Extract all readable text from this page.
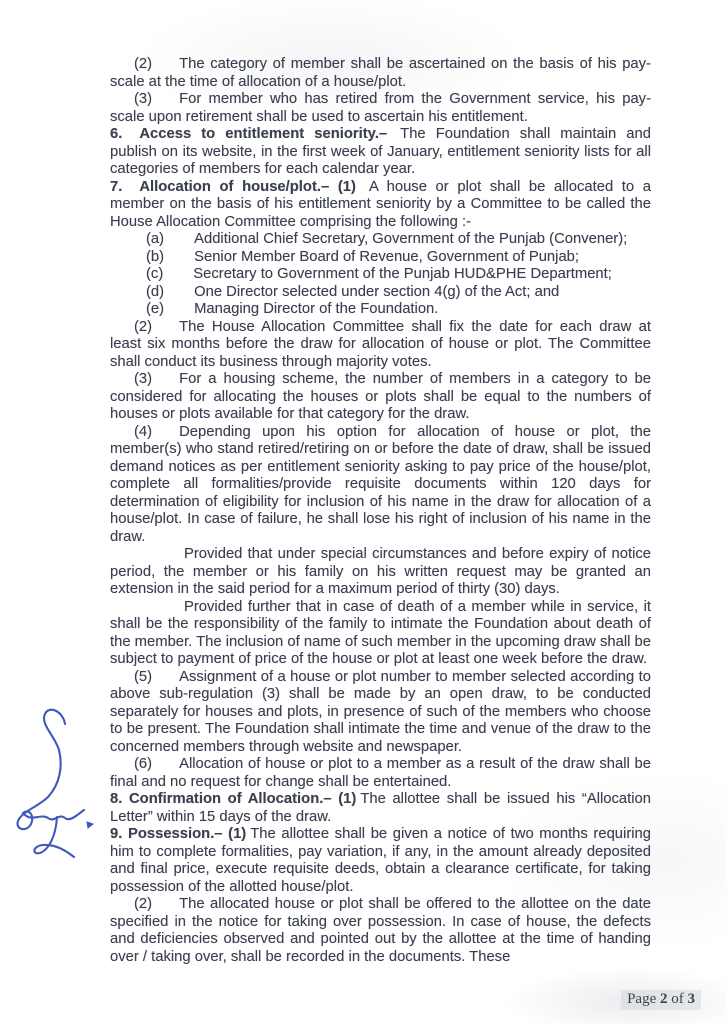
(2) The category of member shall be ascertained on the basis of his pay-scale at the time of allocation of a house/plot.

(3) For member who has retired from the Government service, his pay-scale upon retirement shall be used to ascertain his entitlement.

6. Access to entitlement seniority.– The Foundation shall maintain and publish on its website, in the first week of January, entitlement seniority lists for all categories of members for each calendar year.

7. Allocation of house/plot.– (1) A house or plot shall be allocated to a member on the basis of his entitlement seniority by a Committee to be called the House Allocation Committee comprising the following :-

(a) Additional Chief Secretary, Government of the Punjab (Convener);

(b) Senior Member Board of Revenue, Government of Punjab;

(c) Secretary to Government of the Punjab HUD&PHE Department;

(d) One Director selected under section 4(g) of the Act; and

(e) Managing Director of the Foundation.

(2) The House Allocation Committee shall fix the date for each draw at least six months before the draw for allocation of house or plot. The Committee shall conduct its business through majority votes.

(3) For a housing scheme, the number of members in a category to be considered for allocating the houses or plots shall be equal to the numbers of houses or plots available for that category for the draw.

(4) Depending upon his option for allocation of house or plot, the member(s) who stand retired/retiring on or before the date of draw, shall be issued demand notices as per entitlement seniority asking to pay price of the house/plot, complete all formalities/provide requisite documents within 120 days for determination of eligibility for inclusion of his name in the draw for allocation of a house/plot. In case of failure, he shall lose his right of inclusion of his name in the draw.

Provided that under special circumstances and before expiry of notice period, the member or his family on his written request may be granted an extension in the said period for a maximum period of thirty (30) days.

Provided further that in case of death of a member while in service, it shall be the responsibility of the family to intimate the Foundation about death of the member. The inclusion of name of such member in the upcoming draw shall be subject to payment of price of the house or plot at least one week before the draw.

(5) Assignment of a house or plot number to member selected according to above sub-regulation (3) shall be made by an open draw, to be conducted separately for houses and plots, in presence of such of the members who choose to be present. The Foundation shall intimate the time and venue of the draw to the concerned members through website and newspaper.

(6) Allocation of house or plot to a member as a result of the draw shall be final and no request for change shall be entertained.

8. Confirmation of Allocation.– (1) The allottee shall be issued his “Allocation Letter” within 15 days of the draw.

9. Possession.– (1) The allottee shall be given a notice of two months requiring him to complete formalities, pay variation, if any, in the amount already deposited and final price, execute requisite deeds, obtain a clearance certificate, for taking possession of the allotted house/plot.

(2) The allocated house or plot shall be offered to the allottee on the date specified in the notice for taking over possession. In case of house, the defects and deficiencies observed and pointed out by the allottee at the time of handing over / taking over, shall be recorded in the documents. These

Page 2 of 3
